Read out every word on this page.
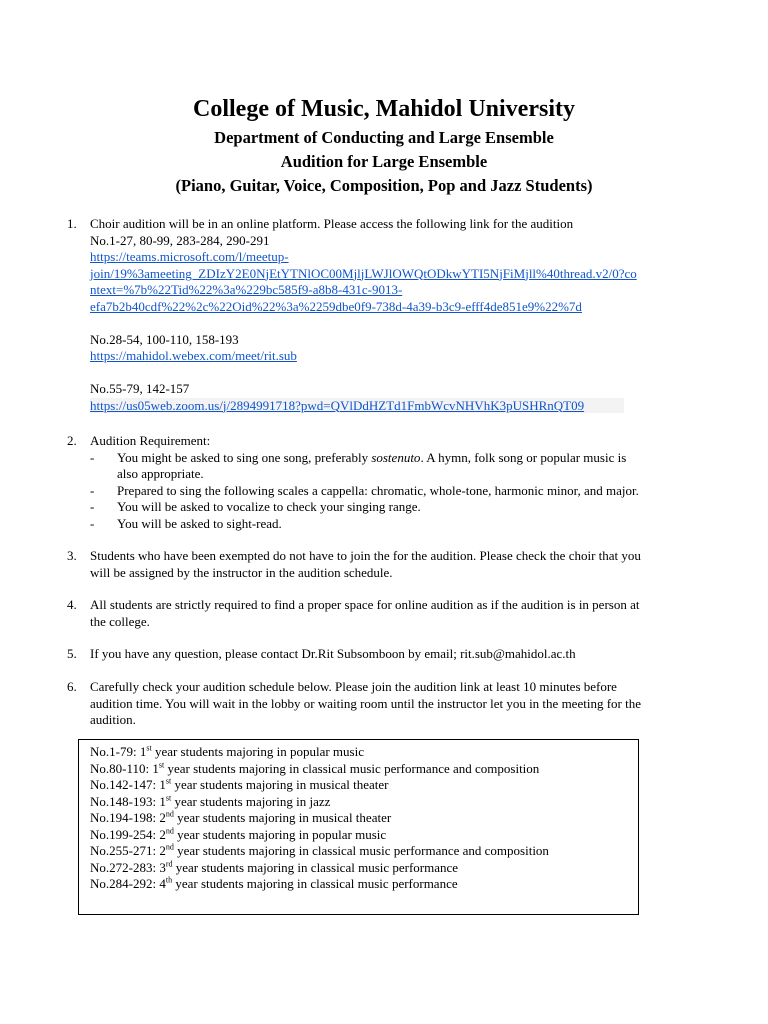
College of Music, Mahidol University
Department of Conducting and Large Ensemble
Audition for Large Ensemble
(Piano, Guitar, Voice, Composition, Pop and Jazz Students)
1. Choir audition will be in an online platform. Please access the following link for the audition
No.1-27, 80-99, 283-284, 290-291
https://teams.microsoft.com/l/meetup-
join/19%3ameeting_ZDIzY2E0NjEtYTNlOC00MjljLWJlOWQtODkwYTI5NjFiMjll%40thread.v2/0?co
ntext=%7b%22Tid%22%3a%229bc585f9-a8b8-431c-9013-
efa7b2b40cdf%22%2c%22Oid%22%3a%2259dbe0f9-738d-4a39-b3c9-efff4de851e9%22%7d
No.28-54, 100-110, 158-193
https://mahidol.webex.com/meet/rit.sub
No.55-79, 142-157
https://us05web.zoom.us/j/2894991718?pwd=QVlDdHZTd1FmbWcvNHVhK3pUSHRnQT09
2. Audition Requirement:
- You might be asked to sing one song, preferably sostenuto. A hymn, folk song or popular music is
also appropriate.
- Prepared to sing the following scales a cappella: chromatic, whole-tone, harmonic minor, and major.
- You will be asked to vocalize to check your singing range.
- You will be asked to sight-read.
3. Students who have been exempted do not have to join the for the audition. Please check the choir that you
will be assigned by the instructor in the audition schedule.
4. All students are strictly required to find a proper space for online audition as if the audition is in person at
the college.
5. If you have any question, please contact Dr.Rit Subsomboon by email; rit.sub@mahidol.ac.th
6. Carefully check your audition schedule below. Please join the audition link at least 10 minutes before
audition time. You will wait in the lobby or waiting room until the instructor let you in the meeting for the
audition.
No.1-79: 1st year students majoring in popular music
No.80-110: 1st year students majoring in classical music performance and composition
No.142-147: 1st year students majoring in musical theater
No.148-193: 1st year students majoring in jazz
No.194-198: 2nd year students majoring in musical theater
No.199-254: 2nd year students majoring in popular music
No.255-271: 2nd year students majoring in classical music performance and composition
No.272-283: 3rd year students majoring in classical music performance
No.284-292: 4th year students majoring in classical music performance
